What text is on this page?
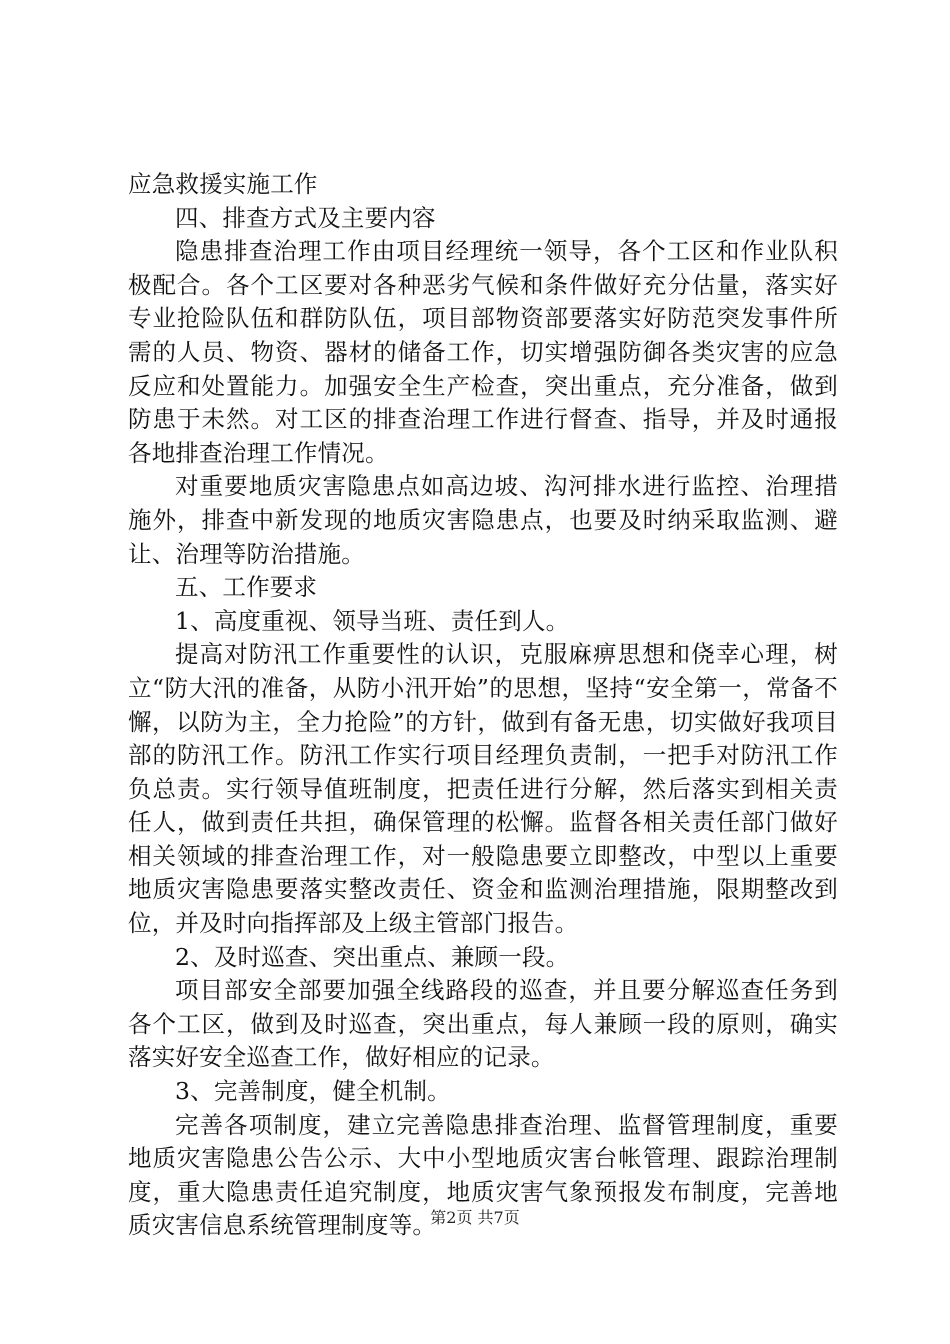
应急救援实施工作

四、排查方式及主要内容

隐患排查治理工作由项目经理统一领导，各个工区和作业队积极配合。各个工区要对各种恶劣气候和条件做好充分估量，落实好专业抢险队伍和群防队伍，项目部物资部要落实好防范突发事件所需的人员、物资、器材的储备工作，切实增强防御各类灾害的应急反应和处置能力。加强安全生产检查，突出重点，充分准备，做到防患于未然。对工区的排查治理工作进行督查、指导，并及时通报各地排查治理工作情况。

对重要地质灾害隐患点如高边坡、沟河排水进行监控、治理措施外，排查中新发现的地质灾害隐患点，也要及时纳采取监测、避让、治理等防治措施。

五、工作要求

1、高度重视、领导当班、责任到人。

提高对防汛工作重要性的认识，克服麻痹思想和侥幸心理，树立“防大汛的准备，从防小汛开始”的思想，坚持“安全第一，常备不懈，以防为主，全力抢险”的方针，做到有备无患，切实做好我项目部的防汛工作。防汛工作实行项目经理负责制，一把手对防汛工作负总责。实行领导值班制度，把责任进行分解，然后落实到相关责任人，做到责任共担，确保管理的松懈。监督各相关责任部门做好相关领域的排查治理工作，对一般隐患要立即整改，中型以上重要地质灾害隐患要落实整改责任、资金和监测治理措施，限期整改到位，并及时向指挥部及上级主管部门报告。

2、及时巡查、突出重点、兼顾一段。

项目部安全部要加强全线路段的巡查，并且要分解巡查任务到各个工区，做到及时巡查，突出重点，每人兼顾一段的原则，确实落实好安全巡查工作，做好相应的记录。

3、完善制度，健全机制。

完善各项制度，建立完善隐患排查治理、监督管理制度，重要地质灾害隐患公告公示、大中小型地质灾害台帐管理、跟踪治理制度，重大隐患责任追究制度，地质灾害气象预报发布制度，完善地质灾害信息系统管理制度等。

第2页 共7页
